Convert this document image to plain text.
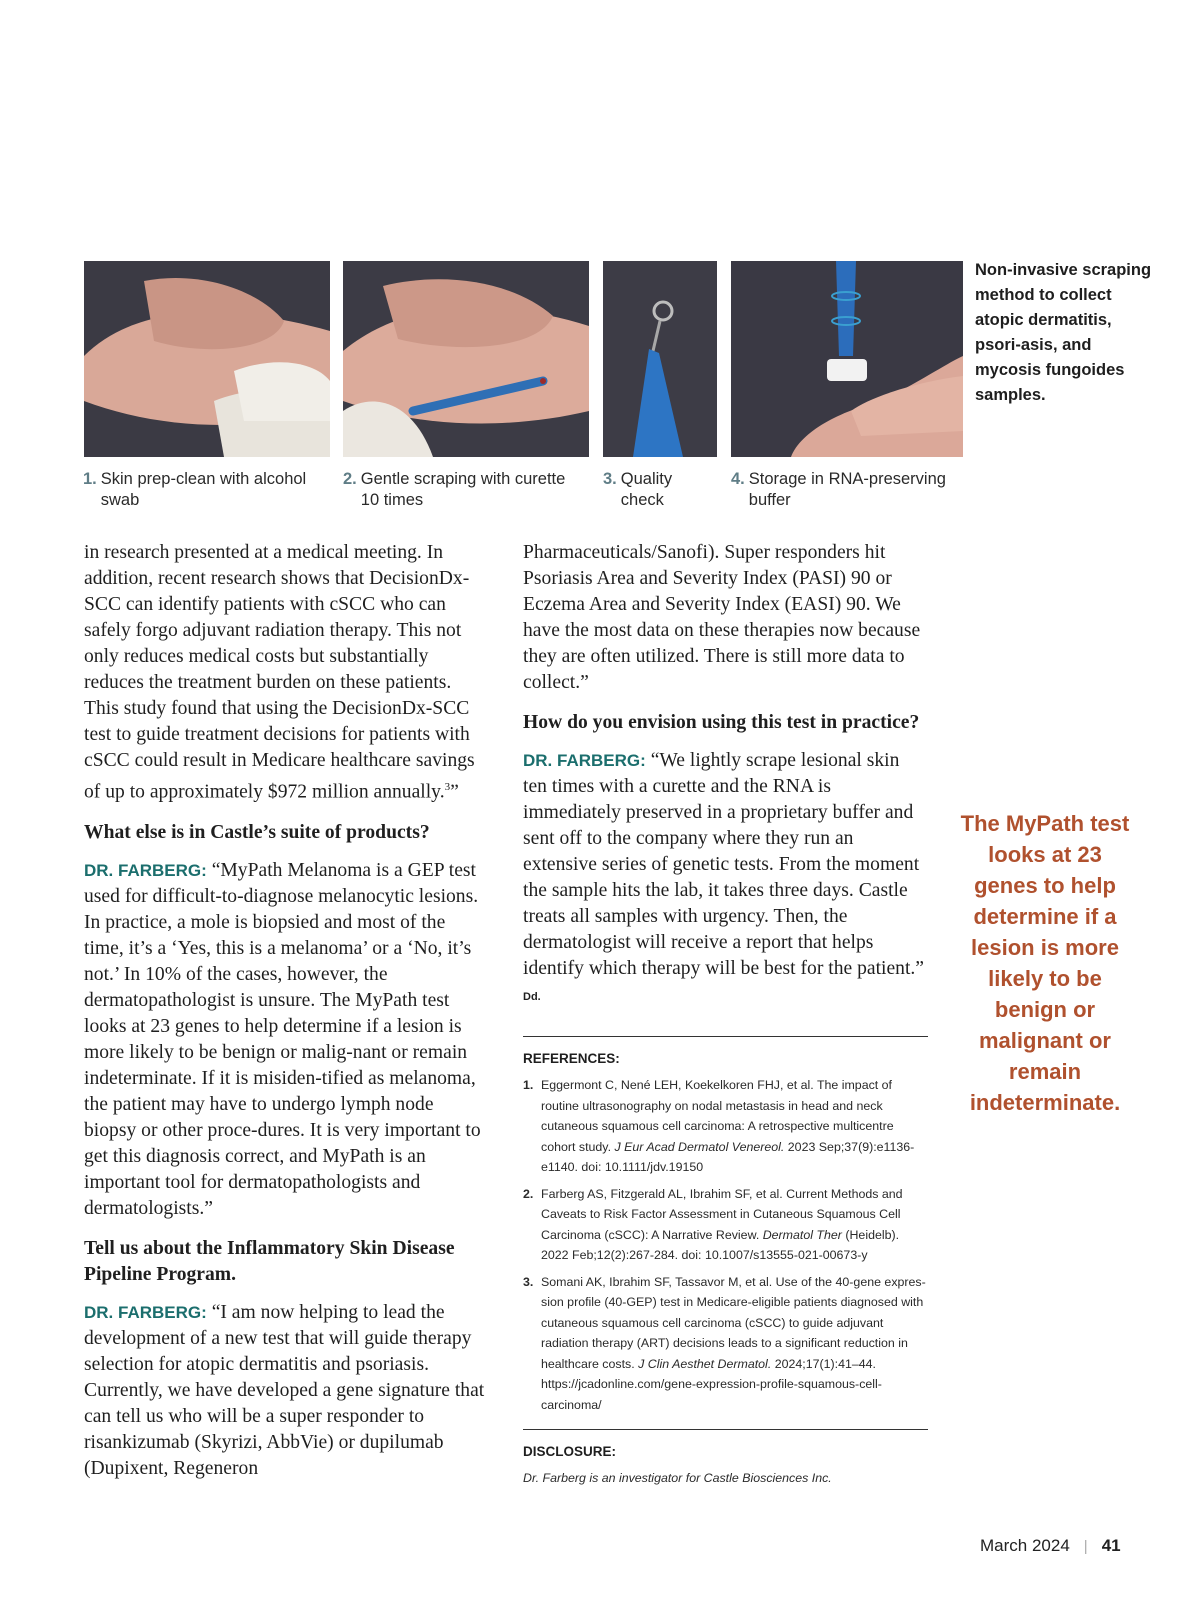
1. Skin prep-clean with alcohol swab
2. Gentle scraping with curette 10 times
3. Quality check
4. Storage in RNA-preserving buffer
Non-invasive scraping method to collect atopic dermatitis, psori-asis, and mycosis fungoides samples.

in research presented at a medical meeting. In addition, recent research shows that DecisionDx-SCC can identify patients with cSCC who can safely forgo adjuvant radiation therapy. This not only reduces medical costs but substantially reduces the treatment burden on these patients. This study found that using the DecisionDx-SCC test to guide treatment decisions for patients with cSCC could result in Medicare healthcare savings of up to approximately $972 million annually.$^3$”

What else is in Castle’s suite of products?

DR. FARBERG: “MyPath Melanoma is a GEP test used for difficult-to-diagnose melanocytic lesions. In practice, a mole is biopsied and most of the time, it’s a ‘Yes, this is a melanoma’ or a ‘No, it’s not.’ In 10% of the cases, however, the dermatopathologist is unsure. The MyPath test looks at 23 genes to help determine if a lesion is more likely to be benign or malig-nant or remain indeterminate. If it is misiden-tified as melanoma, the patient may have to undergo lymph node biopsy or other proce-dures. It is very important to get this diagnosis correct, and MyPath is an important tool for dermatopathologists and dermatologists.”

Tell us about the Inflammatory Skin Disease Pipeline Program.

DR. FARBERG: “I am now helping to lead the development of a new test that will guide therapy selection for atopic dermatitis and psoriasis. Currently, we have developed a gene signature that can tell us who will be a super responder to risankizumab (Skyrizi, AbbVie) or dupilumab (Dupixent, Regeneron

Pharmaceuticals/Sanofi). Super responders hit Psoriasis Area and Severity Index (PASI) 90 or Eczema Area and Severity Index (EASI) 90. We have the most data on these therapies now because they are often utilized. There is still more data to collect.”

How do you envision using this test in practice?

DR. FARBERG: “We lightly scrape lesional skin ten times with a curette and the RNA is immediately preserved in a proprietary buffer and sent off to the company where they run an extensive series of genetic tests. From the moment the sample hits the lab, it takes three days. Castle treats all samples with urgency. Then, the dermatologist will receive a report that helps identify which therapy will be best for the patient.” Dd.

REFERENCES:
1. Eggermont C, Nené LEH, Koekelkoren FHJ, et al. The impact of routine ultrasonography on nodal metastasis in head and neck cutaneous squamous cell carcinoma: A retrospective multicentre cohort study. J Eur Acad Dermatol Venereol. 2023 Sep;37(9):e1136-e1140. doi: 10.1111/jdv.19150
2. Farberg AS, Fitzgerald AL, Ibrahim SF, et al. Current Methods and Caveats to Risk Factor Assessment in Cutaneous Squamous Cell Carcinoma (cSCC): A Narrative Review. Dermatol Ther (Heidelb). 2022 Feb;12(2):267-284. doi: 10.1007/s13555-021-00673-y
3. Somani AK, Ibrahim SF, Tassavor M, et al. Use of the 40-gene expres-sion profile (40-GEP) test in Medicare-eligible patients diagnosed with cutaneous squamous cell carcinoma (cSCC) to guide adjuvant radiation therapy (ART) decisions leads to a significant reduction in healthcare costs. J Clin Aesthet Dermatol. 2024;17(1):41–44. https://jcadonline.com/gene-expression-profile-squamous-cell-carcinoma/
DISCLOSURE:
Dr. Farberg is an investigator for Castle Biosciences Inc.
The MyPath test looks at 23 genes to help determine if a lesion is more likely to be benign or malignant or remain indeterminate.
March 2024 | 41
